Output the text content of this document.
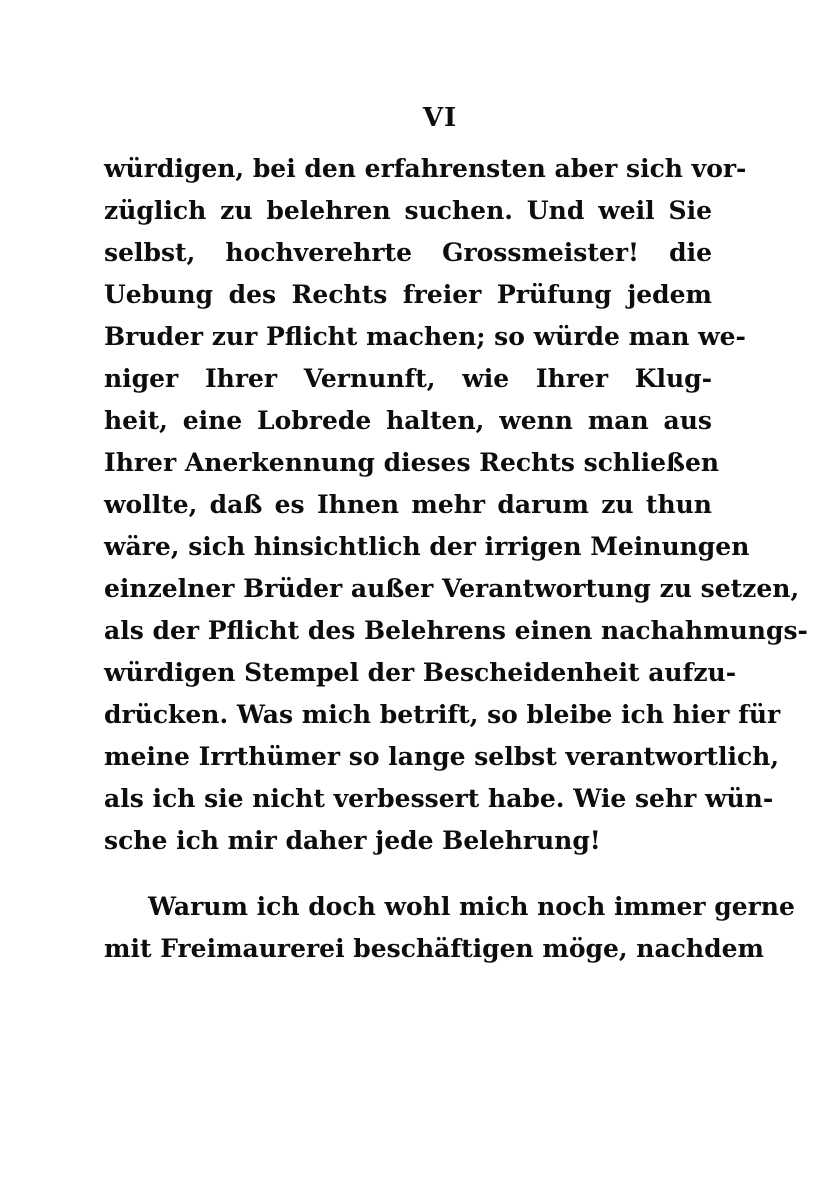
VI
würdigen, bei den erfahrensten aber sich vor-
züglich zu belehren suchen. Und weil Sie
selbst, hochverehrte Grossmeister! die
Uebung des Rechts freier Prüfung jedem
Bruder zur Pflicht machen; so würde man we-
niger Ihrer Vernunft, wie Ihrer Klug-
heit, eine Lobrede halten, wenn man aus
Ihrer Anerkennung dieses Rechts schließen
wollte, daß es Ihnen mehr darum zu thun
wäre, sich hinsichtlich der irrigen Meinungen
einzelner Brüder außer Verantwortung zu setzen,
als der Pflicht des Belehrens einen nachahmungs-
würdigen Stempel der Bescheidenheit aufzu-
drücken. Was mich betrift, so bleibe ich hier für
meine Irrthümer so lange selbst verantwortlich,
als ich sie nicht verbessert habe. Wie sehr wün-
sche ich mir daher jede Belehrung!
Warum ich doch wohl mich noch immer gerne
mit Freimaurerei beschäftigen möge, nachdem
